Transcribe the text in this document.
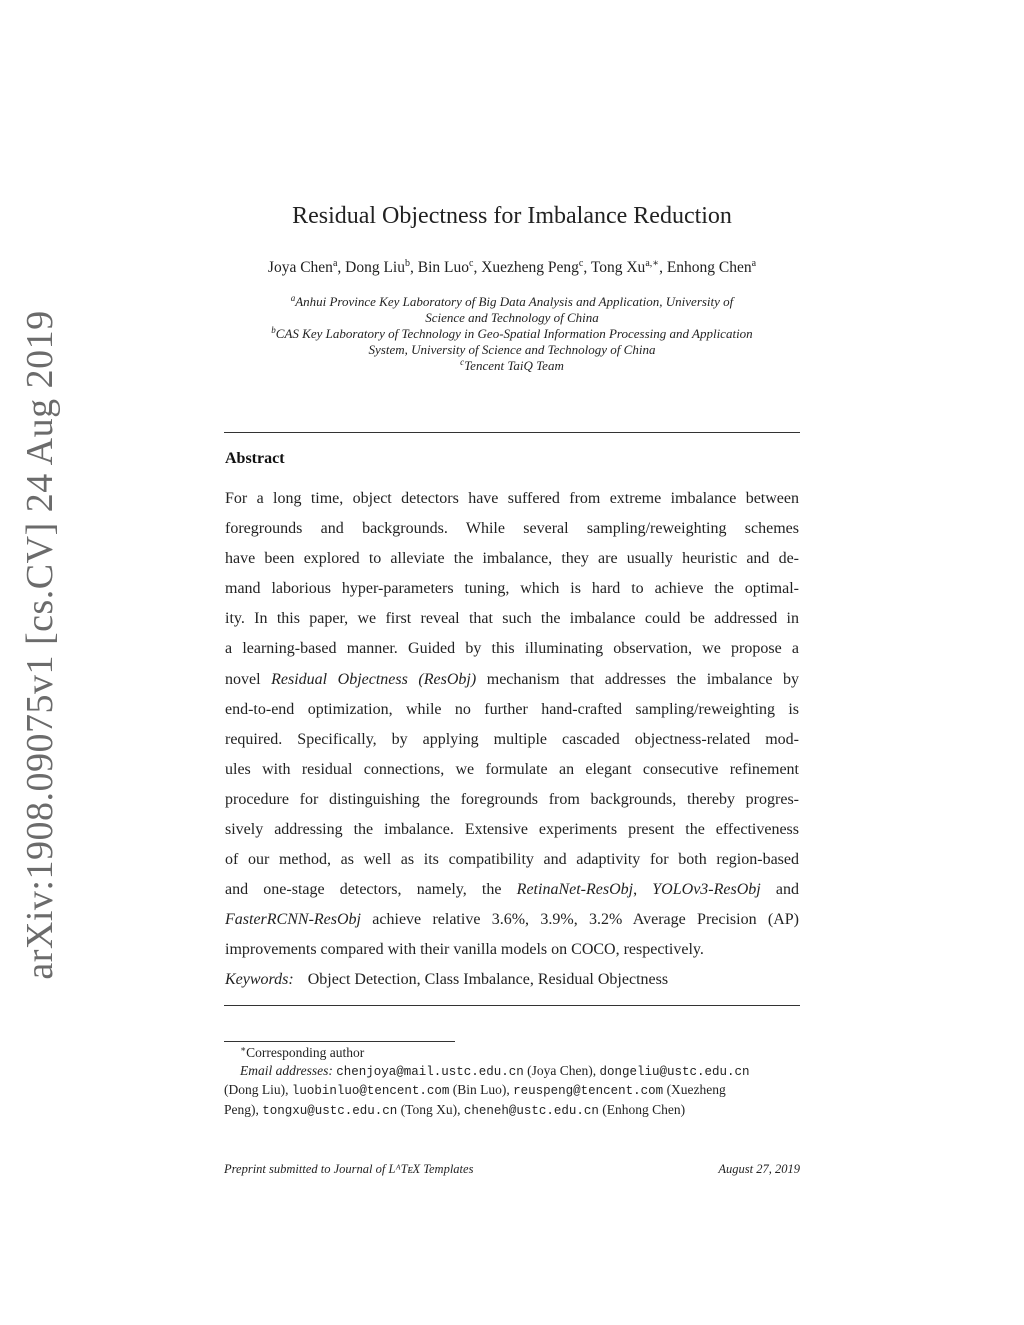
arXiv:1908.09075v1 [cs.CV] 24 Aug 2019
Residual Objectness for Imbalance Reduction
Joya Chen$^a$, Dong Liu$^b$, Bin Luo$^c$, Xuezheng Peng$^c$, Tong $Xu^{a,∗}$, Enhong Chen$^a$
$^a$Anhui Province Key Laboratory of Big Data Analysis and Application, University of
Science and Technology of China
$^b$CAS Key Laboratory of Technology in Geo-Spatial Information Processing and Application
System, University of Science and Technology of China
$^c$Tencent TaiQ Team
Abstract
For a long time, object detectors have suffered from extreme imbalance between
foregrounds and backgrounds. While several sampling/reweighting schemes
have been explored to alleviate the imbalance, they are usually heuristic and de-
mand laborious hyper-parameters tuning, which is hard to achieve the optimal-
ity. In this paper, we first reveal that such the imbalance could be addressed in
a learning-based manner. Guided by this illuminating observation, we propose a
novel Residual Objectness (ResObj) mechanism that addresses the imbalance by
end-to-end optimization, while no further hand-crafted sampling/reweighting is
required. Specifically, by applying multiple cascaded objectness-related mod-
ules with residual connections, we formulate an elegant consecutive refinement
procedure for distinguishing the foregrounds from backgrounds, thereby progres-
sively addressing the imbalance. Extensive experiments present the effectiveness
of our method, as well as its compatibility and adaptivity for both region-based
and one-stage detectors, namely, the RetinaNet-ResObj, YOLOv3-ResObj and
FasterRCNN-ResObj achieve relative 3.6%, 3.9%, 3.2% Average Precision (AP)
improvements compared with their vanilla models on COCO, respectively.
Keywords: Object Detection, Class Imbalance, Residual Objectness
∗Corresponding author
Email addresses: chenjoya@mail.ustc.edu.cn (Joya Chen), dongeliu@ustc.edu.cn
(Dong Liu), luobinluo@tencent.com (Bin Luo), reuspeng@tencent.com (Xuezheng
Peng), tongxu@ustc.edu.cn (Tong Xu), cheneh@ustc.edu.cn (Enhong Chen)
Preprint submitted to Journal of LᴬTᴇX Templates	August 27, 2019
